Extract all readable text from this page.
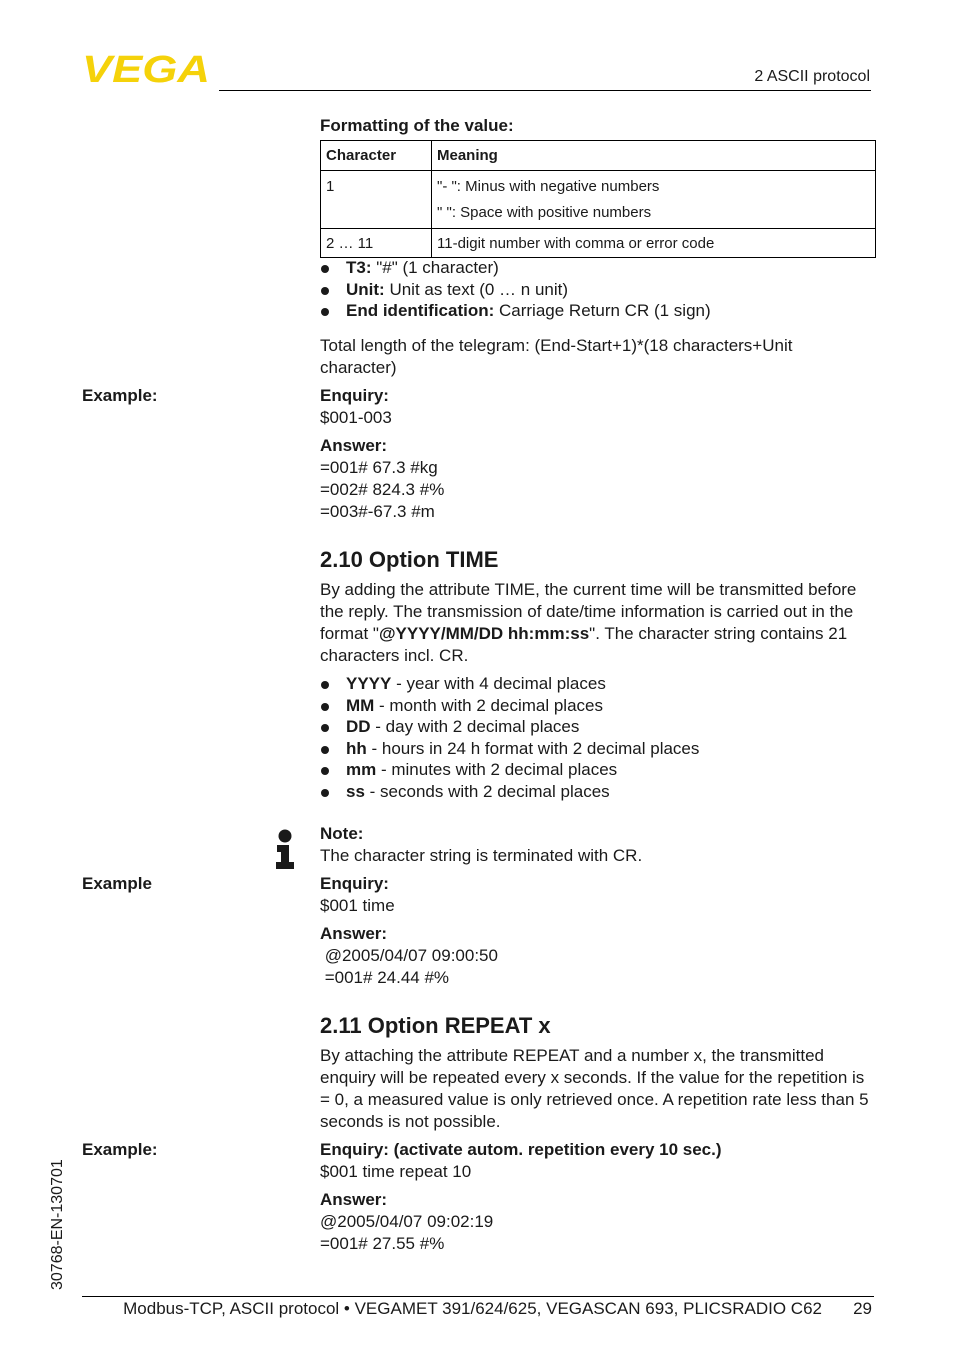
VEGA	2 ASCII protocol
Formatting of the value:
Character	Meaning
1	"- ": Minus with negative numbers
" ": Space with positive numbers

2 … 11	11-digit number with comma or error code
T3: "#" (1 character)
Unit: Unit as text (0 … n unit)
End identification: Carriage Return CR (1 sign)
Total length of the telegram: (End-Start+1)*(18 characters+Unit character)
Example:	Enquiry:
$001-003
Answer:
=001# 67.3 #kg
=002# 824.3 #%
=003#-67.3 #m
2.10 Option TIME
By adding the attribute TIME, the current time will be transmitted before the reply. The transmission of date/time information is carried out in the format "@YYYY/MM/DD hh:mm:ss". The character string contains 21 characters incl. CR.
YYYY - year with 4 decimal places
MM - month with 2 decimal places
DD - day with 2 decimal places
hh - hours in 24 h format with 2 decimal places
mm - minutes with 2 decimal places
ss - seconds with 2 decimal places
Note:
The character string is terminated with CR.
Example	Enquiry:
$001 time
Answer:
@2005/04/07 09:00:50
=001# 24.44 #%
2.11 Option REPEAT x
By attaching the attribute REPEAT and a number x, the transmitted enquiry will be repeated every x seconds. If the value for the repetition is = 0, a measured value is only retrieved once. A repetition rate less than 5 seconds is not possible.
Example:	Enquiry: (activate autom. repetition every 10 sec.)
$001 time repeat 10
Answer:
@2005/04/07 09:02:19
=001# 27.55 #%
30768-EN-130701
Modbus-TCP, ASCII protocol • VEGAMET 391/624/625, VEGASCAN 693, PLICSRADIO C62	29
